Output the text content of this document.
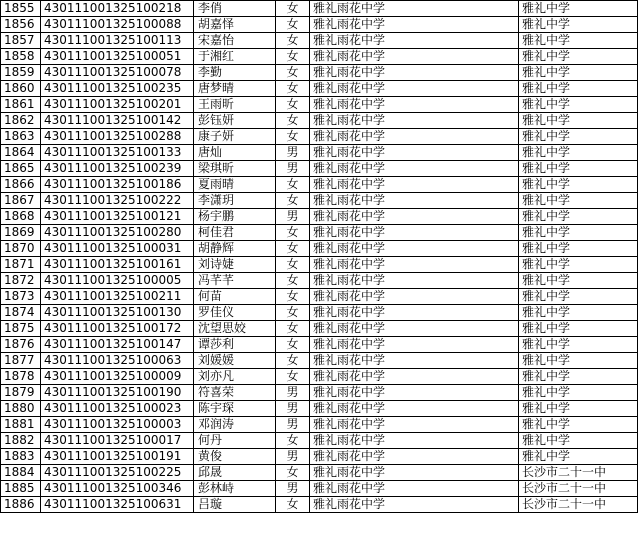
1855	430111001325100218	李俏	女	雅礼雨花中学	雅礼中学
1856	430111001325100088	胡嘉怿	女	雅礼雨花中学	雅礼中学
1857	430111001325100113	宋嘉怡	女	雅礼雨花中学	雅礼中学
1858	430111001325100051	于湘红	女	雅礼雨花中学	雅礼中学
1859	430111001325100078	李勤	女	雅礼雨花中学	雅礼中学
1860	430111001325100235	唐梦晴	女	雅礼雨花中学	雅礼中学
1861	430111001325100201	王雨昕	女	雅礼雨花中学	雅礼中学
1862	430111001325100142	彭钰妍	女	雅礼雨花中学	雅礼中学
1863	430111001325100288	康子妍	女	雅礼雨花中学	雅礼中学
1864	430111001325100133	唐灿	男	雅礼雨花中学	雅礼中学
1865	430111001325100239	梁琪昕	男	雅礼雨花中学	雅礼中学
1866	430111001325100186	夏雨晴	女	雅礼雨花中学	雅礼中学
1867	430111001325100222	李潇玥	女	雅礼雨花中学	雅礼中学
1868	430111001325100121	杨宇鹏	男	雅礼雨花中学	雅礼中学
1869	430111001325100280	柯佳君	女	雅礼雨花中学	雅礼中学
1870	430111001325100031	胡静辉	女	雅礼雨花中学	雅礼中学
1871	430111001325100161	刘诗婕	女	雅礼雨花中学	雅礼中学
1872	430111001325100005	冯芊芊	女	雅礼雨花中学	雅礼中学
1873	430111001325100211	何苗	女	雅礼雨花中学	雅礼中学
1874	430111001325100130	罗佳仪	女	雅礼雨花中学	雅礼中学
1875	430111001325100172	沈望思姣	女	雅礼雨花中学	雅礼中学
1876	430111001325100147	谭莎利	女	雅礼雨花中学	雅礼中学
1877	430111001325100063	刘媛媛	女	雅礼雨花中学	雅礼中学
1878	430111001325100009	刘亦凡	女	雅礼雨花中学	雅礼中学
1879	430111001325100190	符喜荣	男	雅礼雨花中学	雅礼中学
1880	430111001325100023	陈宇琛	男	雅礼雨花中学	雅礼中学
1881	430111001325100003	邓润涛	男	雅礼雨花中学	雅礼中学
1882	430111001325100017	何丹	女	雅礼雨花中学	雅礼中学
1883	430111001325100191	黄俊	男	雅礼雨花中学	雅礼中学
1884	430111001325100225	邱晟	女	雅礼雨花中学	长沙市二十一中
1885	430111001325100346	彭林峙	男	雅礼雨花中学	长沙市二十一中
1886	430111001325100631	吕璇	女	雅礼雨花中学	长沙市二十一中
